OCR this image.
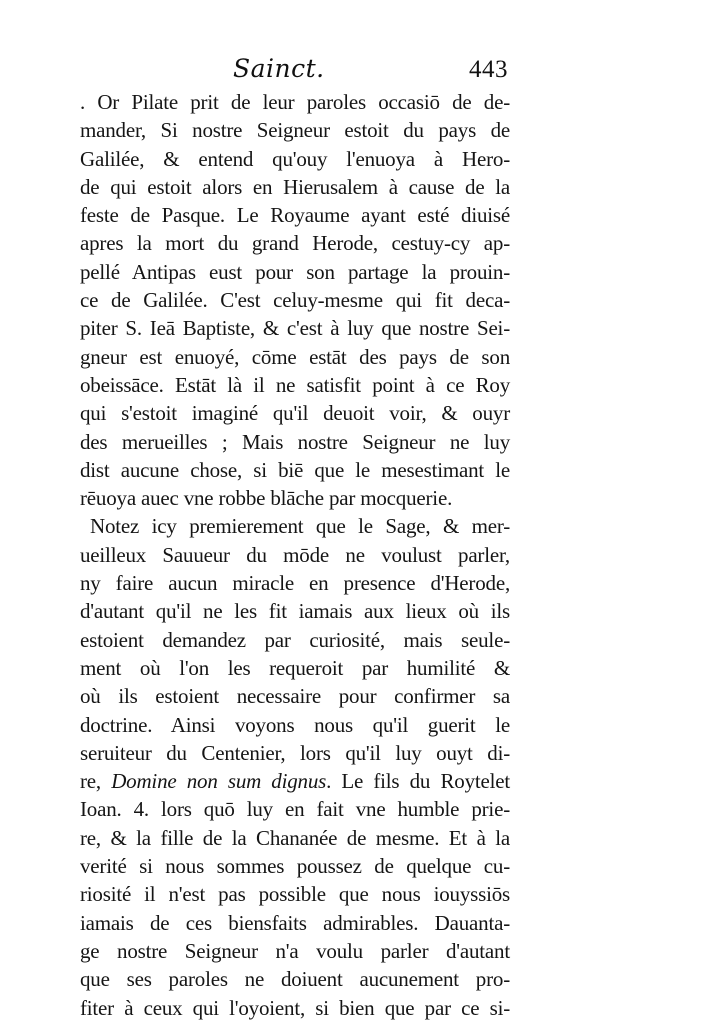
Sainct.	443
. Or Pilate prit de leur paroles occasiō de de-
mander, Si nostre Seigneur estoit du pays de
Galilée, & entend qu'ouy l'enuoya à Hero-
de qui estoit alors en Hierusalem à cause de la
feste de Pasque. Le Royaume ayant esté diuisé
apres la mort du grand Herode, cestuy-cy ap-
pellé Antipas eust pour son partage la prouin-
ce de Galilée. C'est celuy-mesme qui fit deca-
piter S. Ieā Baptiste, & c'est à luy que nostre Sei-
gneur est enuoyé, cōme estāt des pays de son
obeissāce. Estāt là il ne satisfit point à ce Roy
qui s'estoit imaginé qu'il deuoit voir, & ouyr
des merueilles ; Mais nostre Seigneur ne luy
dist aucune chose, si biē que le mesestimant le
rēuoya auec vne robbe blāche par mocquerie.
Notez icy premierement que le Sage, & mer-
ueilleux Sauueur du mōde ne voulust parler,
ny faire aucun miracle en presence d'Herode,
d'autant qu'il ne les fit iamais aux lieux où ils
estoient demandez par curiosité, mais seule-
ment où l'on les requeroit par humilité &
où ils estoient necessaire pour confirmer sa
doctrine. Ainsi voyons nous qu'il guerit le
seruiteur du Centenier, lors qu'il luy ouyt di-
re, Domine non sum dignus. Le fils du Roytelet
Ioan. 4. lors quō luy en fait vne humble prie-
re, & la fille de la Chananée de mesme. Et à la
verité si nous sommes poussez de quelque cu-
riosité il n'est pas possible que nous iouyssiōs
iamais de ces biensfaits admirables. Dauanta-
ge nostre Seigneur n'a voulu parler d'autant
que ses paroles ne doiuent aucunement pro-
fiter à ceux qui l'oyoient, si bien que par ce si-
